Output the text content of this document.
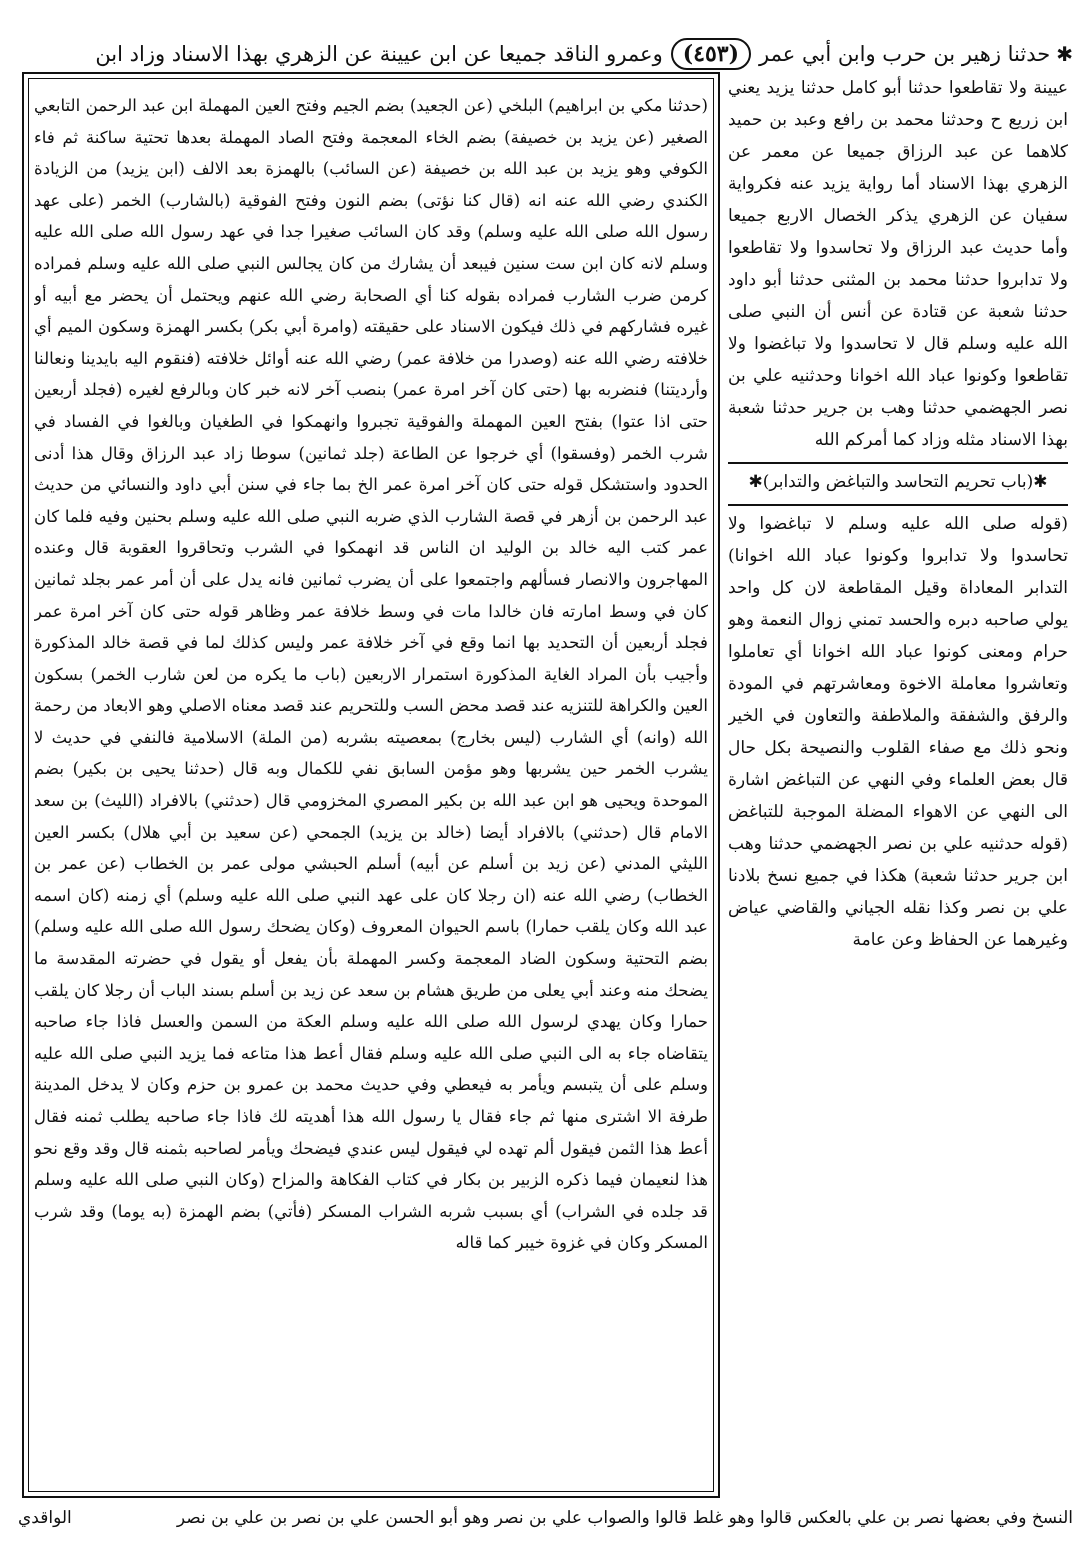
✱
حدثنا زهير بن حرب وابن أبي عمر
(٤٥٣)
وعمرو الناقد جميعا عن ابن عيينة عن الزهري بهذا الاسناد وزاد ابن

(حدثنا مكي بن ابراهيم) البلخي (عن الجعيد) بضم الجيم وفتح العين المهملة ابن عبد الرحمن التابعي الصغير (عن يزيد بن خصيفة) بضم الخاء المعجمة وفتح الصاد المهملة بعدها تحتية ساكنة ثم فاء الكوفي وهو يزيد بن عبد الله بن خصيفة (عن السائب) بالهمزة بعد الالف (ابن يزيد) من الزيادة الكندي رضي الله عنه انه (قال كنا نؤتى) بضم النون وفتح الفوقية (بالشارب) الخمر (على عهد رسول الله صلى الله عليه وسلم) وقد كان السائب صغيرا جدا في عهد رسول الله صلى الله عليه وسلم لانه كان ابن ست سنين فيبعد أن يشارك من كان يجالس النبي صلى الله عليه وسلم فمراده كرمن ضرب الشارب فمراده بقوله كنا أي الصحابة رضي الله عنهم ويحتمل أن يحضر مع أبيه أو غيره فشاركهم في ذلك فيكون الاسناد على حقيقته (وامرة أبي بكر) بكسر الهمزة وسكون الميم أي خلافته رضي الله عنه (وصدرا من خلافة عمر) رضي الله عنه أوائل خلافته (فنقوم اليه بايدينا ونعالنا وأرديتنا) فنضربه بها (حتى كان آخر امرة عمر) بنصب آخر لانه خبر كان وبالرفع لغيره (فجلد أربعين حتى اذا عتوا) بفتح العين المهملة والفوقية تجبروا وانهمكوا في الطغيان وبالغوا في الفساد في شرب الخمر (وفسقوا) أي خرجوا عن الطاعة (جلد ثمانين) سوطا زاد عبد الرزاق وقال هذا أدنى الحدود واستشكل قوله حتى كان آخر امرة عمر الخ بما جاء في سنن أبي داود والنسائي من حديث عبد الرحمن بن أزهر في قصة الشارب الذي ضربه النبي صلى الله عليه وسلم بحنين وفيه فلما كان عمر كتب اليه خالد بن الوليد ان الناس قد انهمكوا في الشرب وتحاقروا العقوبة قال وعنده المهاجرون والانصار فسألهم واجتمعوا على أن يضرب ثمانين فانه يدل على أن أمر عمر بجلد ثمانين كان في وسط امارته فان خالدا مات في وسط خلافة عمر وظاهر قوله حتى كان آخر امرة عمر فجلد أربعين أن التحديد بها انما وقع في آخر خلافة عمر وليس كذلك لما في قصة خالد المذكورة وأجيب بأن المراد الغاية المذكورة استمرار الاربعين (باب ما يكره من لعن شارب الخمر) بسكون العين والكراهة للتنزيه عند قصد محض السب وللتحريم عند قصد معناه الاصلي وهو الابعاد من رحمة الله (وانه) أي الشارب (ليس بخارج) بمعصيته بشربه (من الملة) الاسلامية فالنفي في حديث لا يشرب الخمر حين يشربها وهو مؤمن السابق نفي للكمال وبه قال (حدثنا يحيى بن بكير) بضم الموحدة ويحيى هو ابن عبد الله بن بكير المصري المخزومي قال (حدثني) بالافراد (الليث) بن سعد الامام قال (حدثني) بالافراد أيضا (خالد بن يزيد) الجمحي (عن سعيد بن أبي هلال) بكسر العين الليثي المدني (عن زيد بن أسلم عن أبيه) أسلم الحبشي مولى عمر بن الخطاب (عن عمر بن الخطاب) رضي الله عنه (ان رجلا كان على عهد النبي صلى الله عليه وسلم) أي زمنه (كان اسمه عبد الله وكان يلقب حمارا) باسم الحيوان المعروف (وكان يضحك رسول الله صلى الله عليه وسلم) بضم التحتية وسكون الضاد المعجمة وكسر المهملة بأن يفعل أو يقول في حضرته المقدسة ما يضحك منه وعند أبي يعلى من طريق هشام بن سعد عن زيد بن أسلم بسند الباب أن رجلا كان يلقب حمارا وكان يهدي لرسول الله صلى الله عليه وسلم العكة من السمن والعسل فاذا جاء صاحبه يتقاضاه جاء به الى النبي صلى الله عليه وسلم فقال أعط هذا متاعه فما يزيد النبي صلى الله عليه وسلم على أن يتبسم ويأمر به فيعطي وفي حديث محمد بن عمرو بن حزم وكان لا يدخل المدينة طرفة الا اشترى منها ثم جاء فقال يا رسول الله هذا أهديته لك فاذا جاء صاحبه يطلب ثمنه فقال أعط هذا الثمن فيقول ألم تهده لي فيقول ليس عندي فيضحك ويأمر لصاحبه بثمنه قال وقد وقع نحو هذا لنعيمان فيما ذكره الزبير بن بكار في كتاب الفكاهة والمزاح (وكان النبي صلى الله عليه وسلم قد جلده في الشراب) أي بسبب شربه الشراب المسكر (فأتي) بضم الهمزة (به يوما) وقد شرب المسكر وكان في غزوة خيبر كما قاله

عيينة ولا تقاطعوا حدثنا أبو كامل حدثنا يزيد يعني ابن زريع ح وحدثنا محمد بن رافع وعبد بن حميد كلاهما عن عبد الرزاق جميعا عن معمر عن الزهري بهذا الاسناد أما رواية يزيد عنه فكرواية سفيان عن الزهري يذكر الخصال الاربع جميعا وأما حديث عبد الرزاق ولا تحاسدوا ولا تقاطعوا ولا تدابروا حدثنا محمد بن المثنى حدثنا أبو داود حدثنا شعبة عن قتادة عن أنس أن النبي صلى الله عليه وسلم قال لا تحاسدوا ولا تباغضوا ولا تقاطعوا وكونوا عباد الله اخوانا وحدثنيه علي بن نصر الجهضمي حدثنا وهب بن جرير حدثنا شعبة بهذا الاسناد مثله وزاد كما أمركم الله

✱(باب تحريم التحاسد والتباغض والتدابر)✱

(قوله صلى الله عليه وسلم لا تباغضوا ولا تحاسدوا ولا تدابروا وكونوا عباد الله اخوانا) التدابر المعاداة وقيل المقاطعة لان كل واحد يولي صاحبه دبره والحسد تمني زوال النعمة وهو حرام ومعنى كونوا عباد الله اخوانا أي تعاملوا وتعاشروا معاملة الاخوة ومعاشرتهم في المودة والرفق والشفقة والملاطفة والتعاون في الخير ونحو ذلك مع صفاء القلوب والنصيحة بكل حال قال بعض العلماء وفي النهي عن التباغض اشارة الى النهي عن الاهواء المضلة الموجبة للتباغض (قوله حدثنيه علي بن نصر الجهضمي حدثنا وهب ابن جرير حدثنا شعبة) هكذا في جميع نسخ بلادنا علي بن نصر وكذا نقله الجياني والقاضي عياض وغيرهما عن الحفاظ وعن عامة

النسخ وفي بعضها نصر بن علي بالعكس قالوا وهو غلط قالوا والصواب علي بن نصر وهو أبو الحسن علي بن نصر بن علي بن نصر
الواقدي
